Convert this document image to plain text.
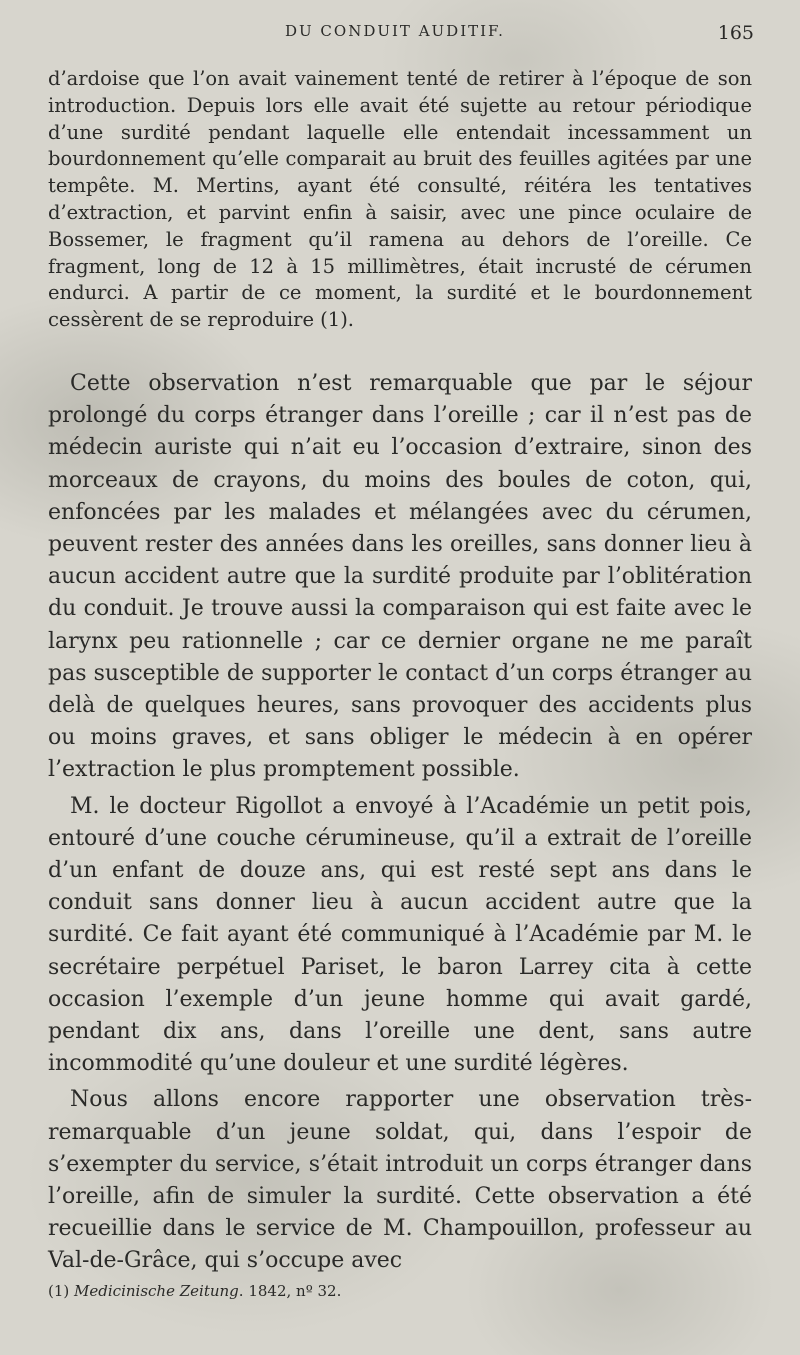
DU CONDUIT AUDITIF.	165

d’ardoise que l’on avait vainement tenté de retirer à l’époque de son introduction. Depuis lors elle avait été sujette au retour périodique d’une surdité pendant laquelle elle entendait incessamment un bourdonnement qu’elle comparait au bruit des feuilles agitées par une tempête. M. Mertins, ayant été consulté, réitéra les tentatives d’extraction, et parvint enfin à saisir, avec une pince oculaire de Bossemer, le fragment qu’il ramena au dehors de l’oreille. Ce fragment, long de 12 à 15 millimètres, était incrusté de cérumen endurci. A partir de ce moment, la surdité et le bourdonnement cessèrent de se reproduire (1).

Cette observation n’est remarquable que par le séjour prolongé du corps étranger dans l’oreille ; car il n’est pas de médecin auriste qui n’ait eu l’occasion d’extraire, sinon des morceaux de crayons, du moins des boules de coton, qui, enfoncées par les malades et mélangées avec du cérumen, peuvent rester des années dans les oreilles, sans donner lieu à aucun accident autre que la surdité produite par l’oblitération du conduit. Je trouve aussi la comparaison qui est faite avec le larynx peu rationnelle ; car ce dernier organe ne me paraît pas susceptible de supporter le contact d’un corps étranger au delà de quelques heures, sans provoquer des accidents plus ou moins graves, et sans obliger le médecin à en opérer l’extraction le plus promptement possible.

M. le docteur Rigollot a envoyé à l’Académie un petit pois, entouré d’une couche cérumineuse, qu’il a extrait de l’oreille d’un enfant de douze ans, qui est resté sept ans dans le conduit sans donner lieu à aucun accident autre que la surdité. Ce fait ayant été communiqué à l’Académie par M. le secrétaire perpétuel Pariset, le baron Larrey cita à cette occasion l’exemple d’un jeune homme qui avait gardé, pendant dix ans, dans l’oreille une dent, sans autre incommodité qu’une douleur et une surdité légères.

Nous allons encore rapporter une observation très-remarquable d’un jeune soldat, qui, dans l’espoir de s’exempter du service, s’était introduit un corps étranger dans l’oreille, afin de simuler la surdité. Cette observation a été recueillie dans le service de M. Champouillon, professeur au Val-de-Grâce, qui s’occupe avec

(1) Medicinische Zeitung. 1842, nº 32.
